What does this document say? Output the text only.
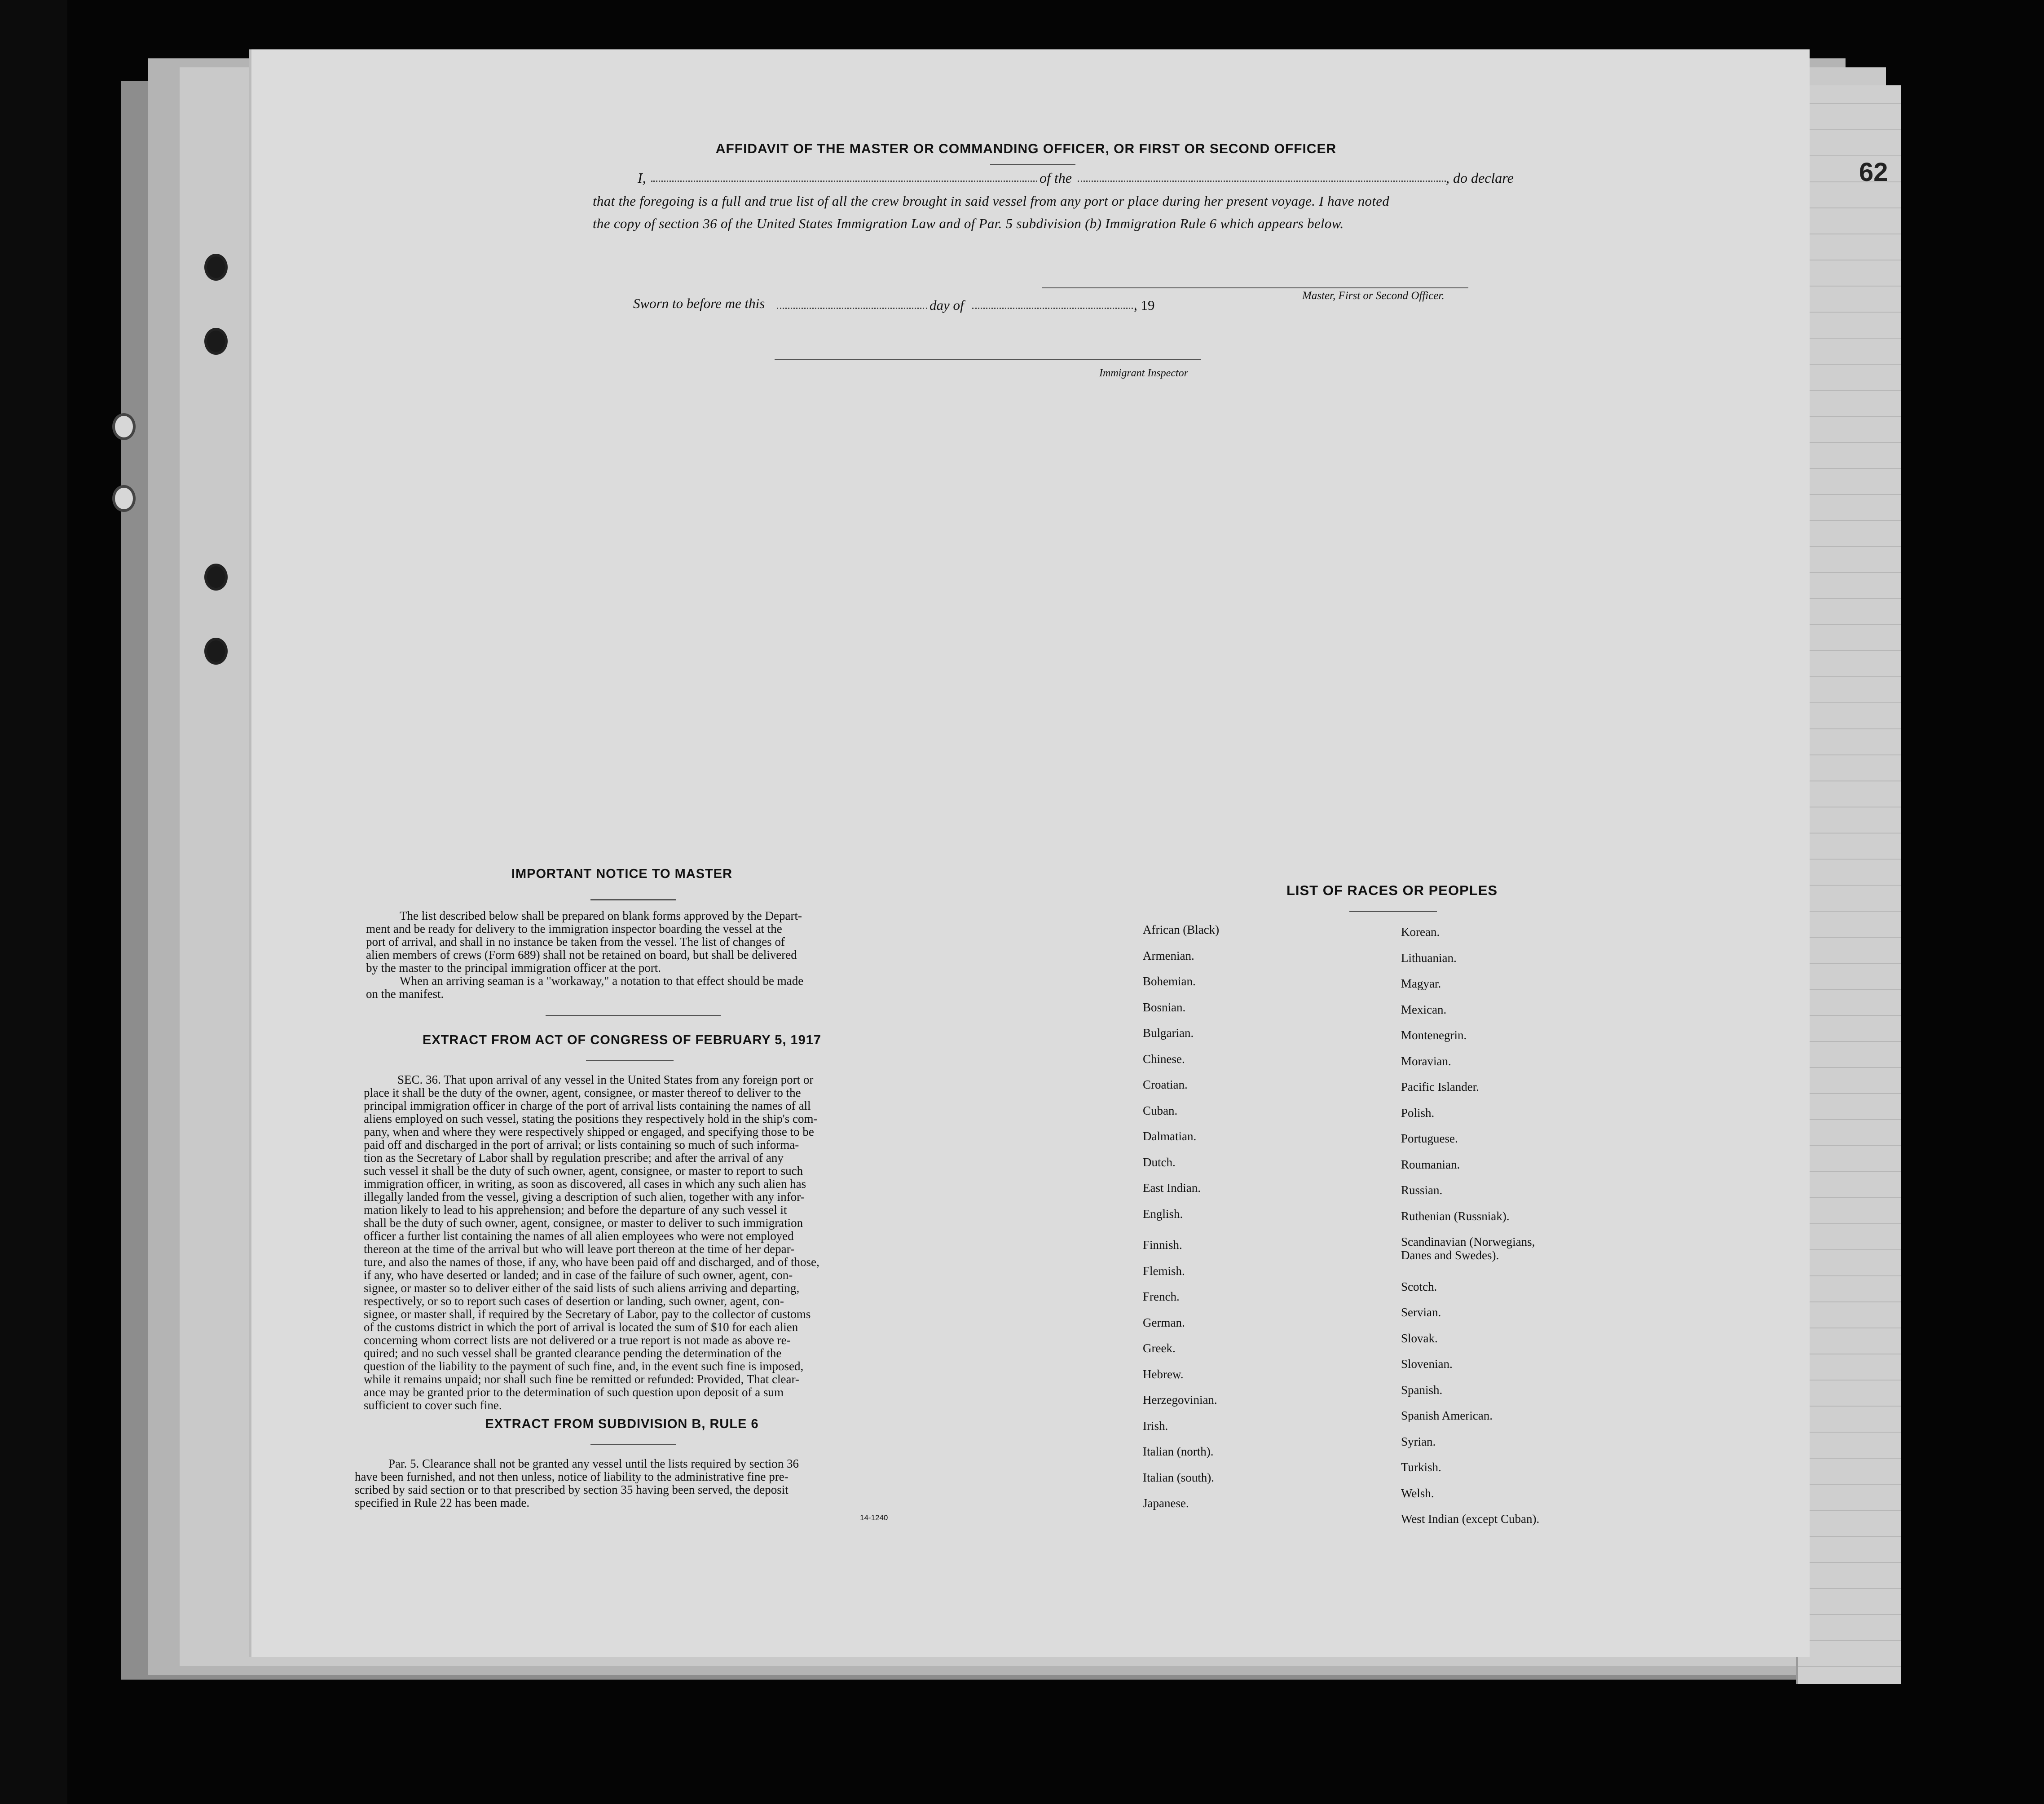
62
AFFIDAVIT OF THE MASTER OR COMMANDING OFFICER, OR FIRST OR SECOND OFFICER
I,	of the	, do declare
that the foregoing is a full and true list of all the crew brought in said vessel from any port or place during her present voyage. I have noted
the copy of section 36 of the United States Immigration Law and of Par. 5 subdivision (b) Immigration Rule 6 which appears below.
Master, First or Second Officer.
Sworn to before me this	day of	, 19
Immigrant Inspector
IMPORTANT NOTICE TO MASTER
The list described below shall be prepared on blank forms approved by the Depart-
ment and be ready for delivery to the immigration inspector boarding the vessel at the
port of arrival, and shall in no instance be taken from the vessel. The list of changes of
alien members of crews (Form 689) shall not be retained on board, but shall be delivered
by the master to the principal immigration officer at the port.
When an arriving seaman is a "workaway," a notation to that effect should be made
on the manifest.
EXTRACT FROM ACT OF CONGRESS OF FEBRUARY 5, 1917
SEC. 36. That upon arrival of any vessel in the United States from any foreign port or
place it shall be the duty of the owner, agent, consignee, or master thereof to deliver to the
principal immigration officer in charge of the port of arrival lists containing the names of all
aliens employed on such vessel, stating the positions they respectively hold in the ship's com-
pany, when and where they were respectively shipped or engaged, and specifying those to be
paid off and discharged in the port of arrival; or lists containing so much of such informa-
tion as the Secretary of Labor shall by regulation prescribe; and after the arrival of any
such vessel it shall be the duty of such owner, agent, consignee, or master to report to such
immigration officer, in writing, as soon as discovered, all cases in which any such alien has
illegally landed from the vessel, giving a description of such alien, together with any infor-
mation likely to lead to his apprehension; and before the departure of any such vessel it
shall be the duty of such owner, agent, consignee, or master to deliver to such immigration
officer a further list containing the names of all alien employees who were not employed
thereon at the time of the arrival but who will leave port thereon at the time of her depar-
ture, and also the names of those, if any, who have been paid off and discharged, and of those,
if any, who have deserted or landed; and in case of the failure of such owner, agent, con-
signee, or master so to deliver either of the said lists of such aliens arriving and departing,
respectively, or so to report such cases of desertion or landing, such owner, agent, con-
signee, or master shall, if required by the Secretary of Labor, pay to the collector of customs
of the customs district in which the port of arrival is located the sum of $10 for each alien
concerning whom correct lists are not delivered or a true report is not made as above re-
quired; and no such vessel shall be granted clearance pending the determination of the
question of the liability to the payment of such fine, and, in the event such fine is imposed,
while it remains unpaid; nor shall such fine be remitted or refunded: Provided, That clear-
ance may be granted prior to the determination of such question upon deposit of a sum
sufficient to cover such fine.
EXTRACT FROM SUBDIVISION B, RULE 6
Par. 5. Clearance shall not be granted any vessel until the lists required by section 36
have been furnished, and not then unless, notice of liability to the administrative fine pre-
scribed by said section or to that prescribed by section 35 having been served, the deposit
specified in Rule 22 has been made.
14-1240
LIST OF RACES OR PEOPLES
African (Black)
Armenian.
Bohemian.
Bosnian.
Bulgarian.
Chinese.
Croatian.
Cuban.
Dalmatian.
Dutch.
East Indian.
English.
Finnish.
Flemish.
French.
German.
Greek.
Hebrew.
Herzegovinian.
Irish.
Italian (north).
Italian (south).
Japanese.
Korean.
Lithuanian.
Magyar.
Mexican.
Montenegrin.
Moravian.
Pacific Islander.
Polish.
Portuguese.
Roumanian.
Russian.
Ruthenian (Russniak).
Scandinavian (Norwegians,
Danes and Swedes).
Scotch.
Servian.
Slovak.
Slovenian.
Spanish.
Spanish American.
Syrian.
Turkish.
Welsh.
West Indian (except Cuban).
